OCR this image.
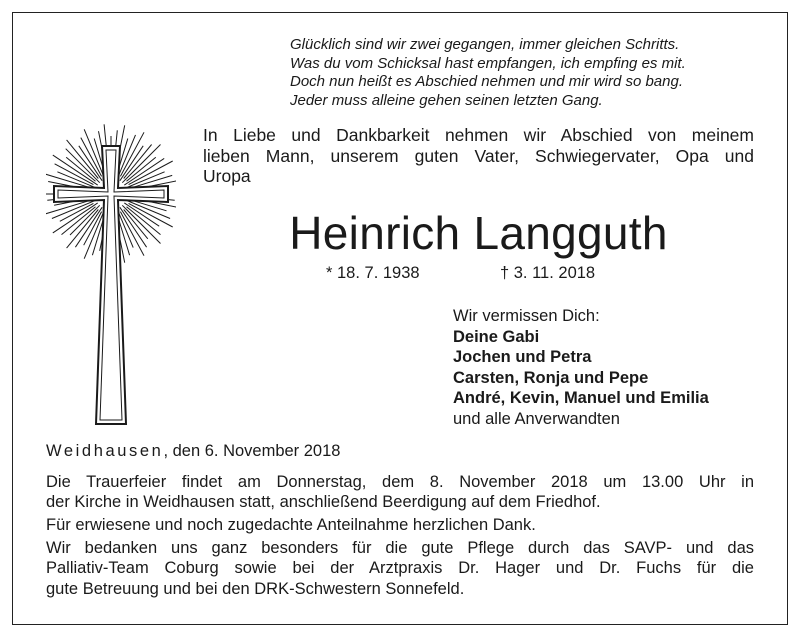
Glücklich sind wir zwei gegangen, immer gleichen Schritts.
Was du vom Schicksal hast empfangen, ich empfing es mit.
Doch nun heißt es Abschied nehmen und mir wird so bang.
Jeder muss alleine gehen seinen letzten Gang.
In Liebe und Dankbarkeit nehmen wir Abschied von meinem
lieben Mann, unserem guten Vater, Schwiegervater, Opa und
Uropa
Heinrich Langguth
* 18. 7. 1938	† 3. 11. 2018
Wir vermissen Dich:
Deine Gabi
Jochen und Petra
Carsten, Ronja und Pepe
André, Kevin, Manuel und Emilia
und alle Anverwandten
Weidhausen, den 6. November 2018
Die Trauerfeier findet am Donnerstag, dem 8. November 2018 um 13.00 Uhr in
der Kirche in Weidhausen statt, anschließend Beerdigung auf dem Friedhof.
Für erwiesene und noch zugedachte Anteilnahme herzlichen Dank.
Wir bedanken uns ganz besonders für die gute Pflege durch das SAVP- und das
Palliativ-Team Coburg sowie bei der Arztpraxis Dr. Hager und Dr. Fuchs für die
gute Betreuung und bei den DRK-Schwestern Sonnefeld.
